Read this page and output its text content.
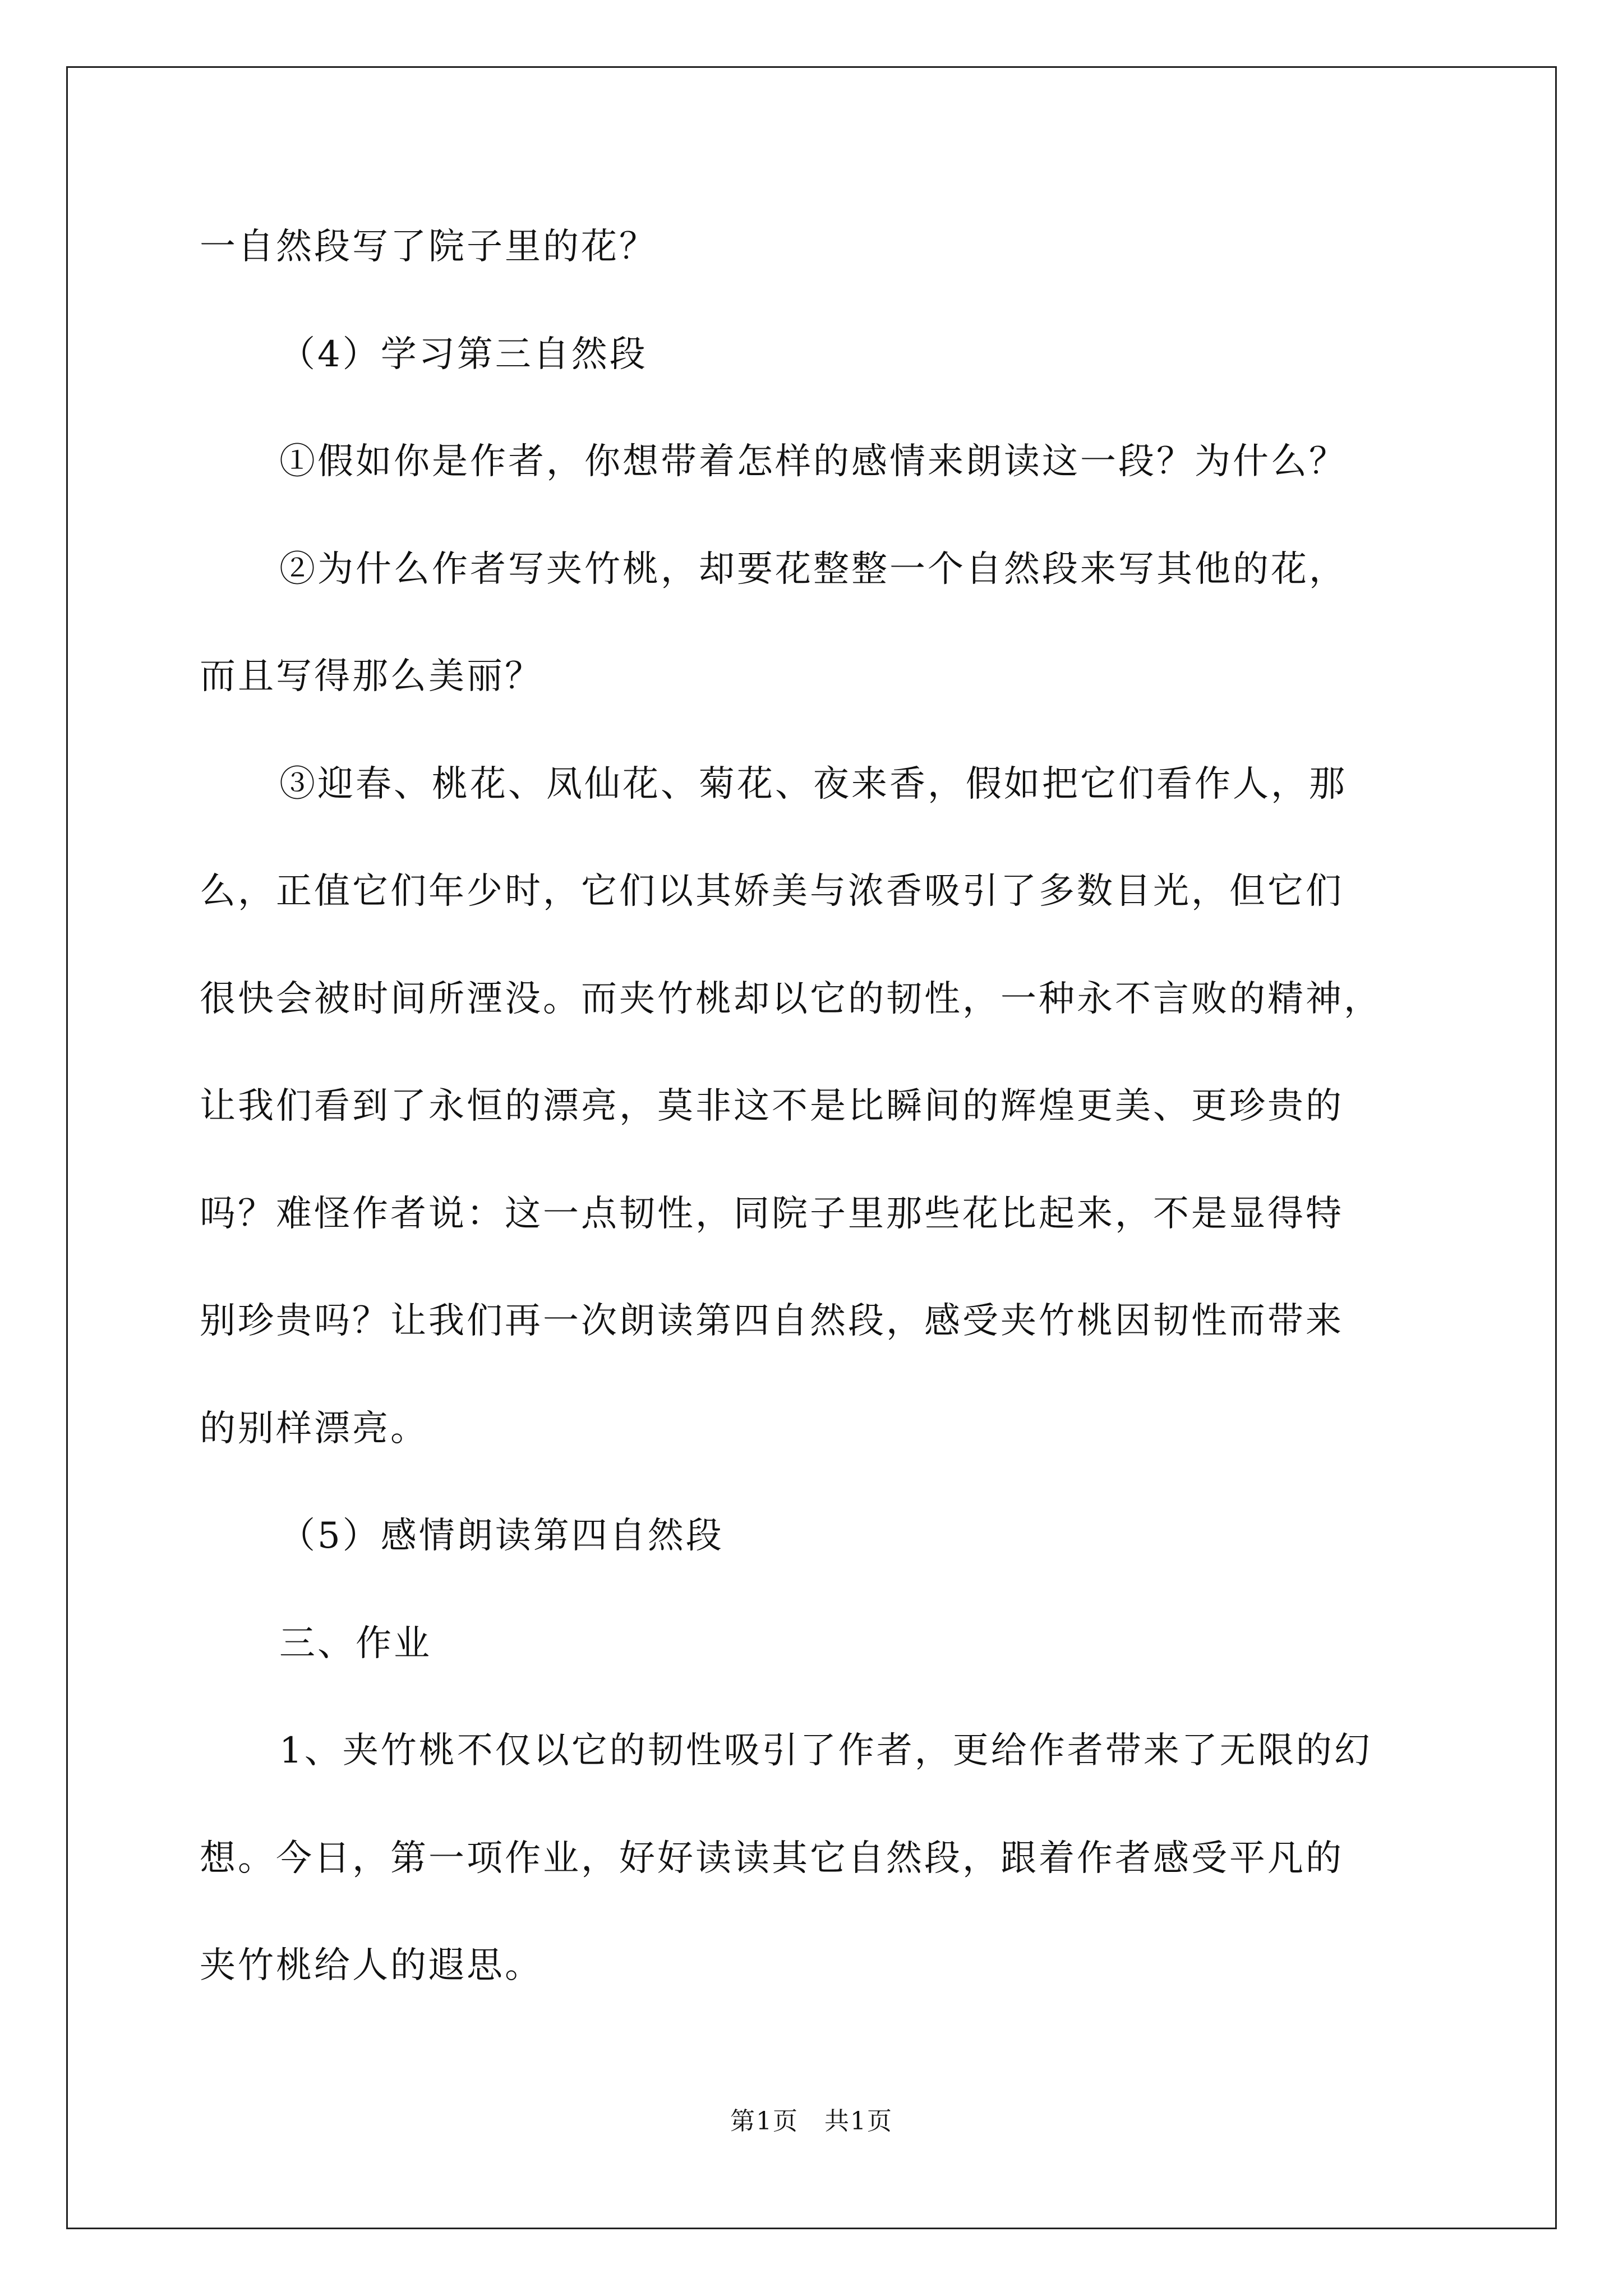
一自然段写了院子里的花？
（4）学习第三自然段
①假如你是作者，你想带着怎样的感情来朗读这一段？为什么？
②为什么作者写夹竹桃，却要花整整一个自然段来写其他的花，
而且写得那么美丽？
③迎春、桃花、凤仙花、菊花、夜来香，假如把它们看作人，那
么，正值它们年少时，它们以其娇美与浓香吸引了多数目光，但它们
很快会被时间所湮没。而夹竹桃却以它的韧性，一种永不言败的精神，
让我们看到了永恒的漂亮，莫非这不是比瞬间的辉煌更美、更珍贵的
吗？难怪作者说：这一点韧性，同院子里那些花比起来，不是显得特
别珍贵吗？让我们再一次朗读第四自然段，感受夹竹桃因韧性而带来
的别样漂亮。
（5）感情朗读第四自然段
三、作业
1、夹竹桃不仅以它的韧性吸引了作者，更给作者带来了无限的幻
想。今日，第一项作业，好好读读其它自然段，跟着作者感受平凡的
夹竹桃给人的遐思。
第1页　共1页
